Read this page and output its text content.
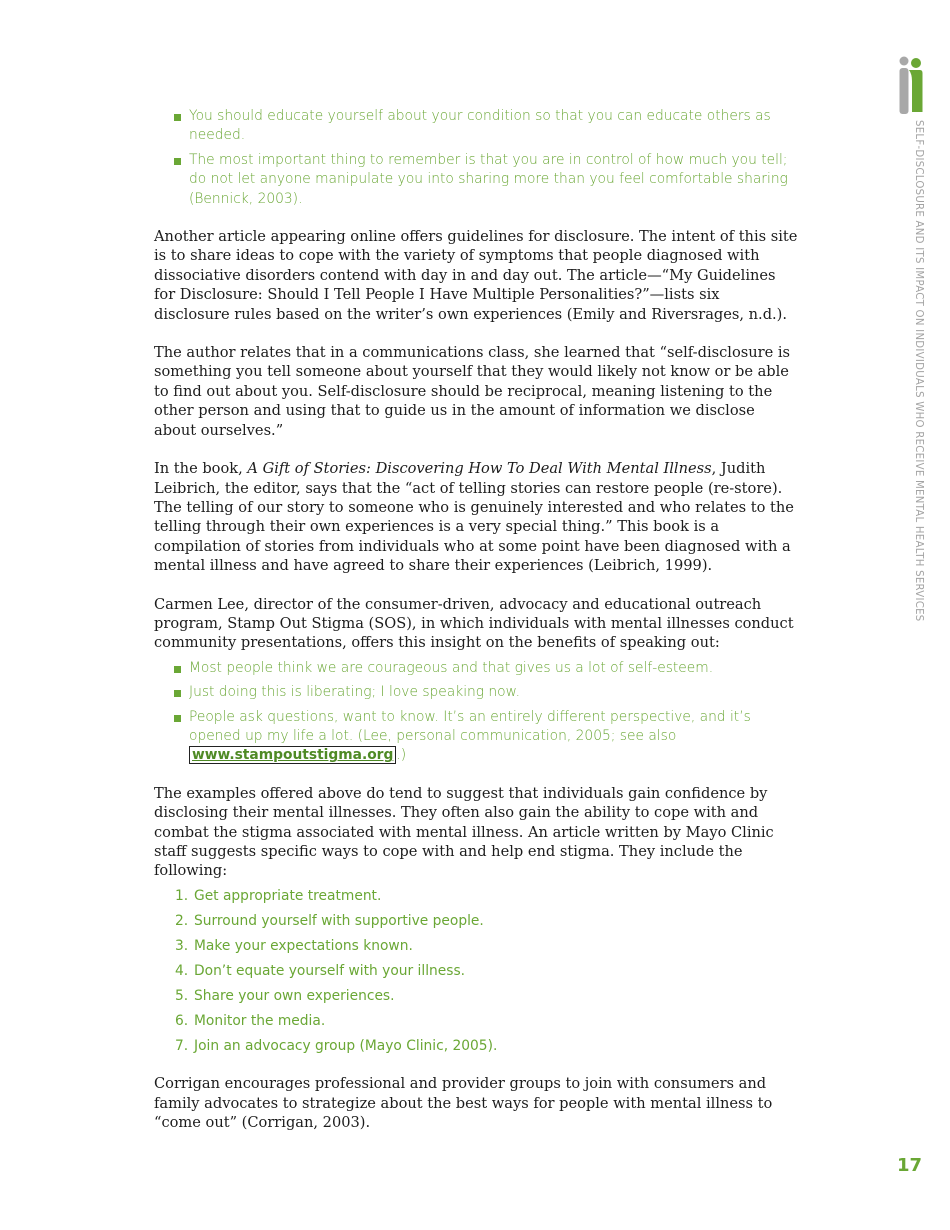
SELF-DISCLOSURE AND ITS IMPACT ON INDIVIDUALS WHO RECEIVE MENTAL HEALTH SERVICES
You should educate yourself about your condition so that you can educate others as needed.
The most important thing to remember is that you are in control of how much you tell; do not let anyone manipulate you into sharing more than you feel comfortable sharing (Bennick, 2003).

Another article appearing online offers guidelines for disclosure. The intent of this site is to share ideas to cope with the variety of symptoms that people diagnosed with dissociative disorders contend with day in and day out. The article—“My Guidelines for Disclosure: Should I Tell People I Have Multiple Personalities?”—lists six disclosure rules based on the writer’s own experiences (Emily and Riversrages, n.d.).

The author relates that in a communications class, she learned that “self-disclosure is something you tell someone about yourself that they would likely not know or be able to find out about you. Self-disclosure should be reciprocal, meaning listening to the other person and using that to guide us in the amount of information we disclose about ourselves.”

In the book, A Gift of Stories: Discovering How To Deal With Mental Illness, Judith Leibrich, the editor, says that the “act of telling stories can restore people (re-store). The telling of our story to someone who is genuinely interested and who relates to the telling through their own experiences is a very special thing.” This book is a compilation of stories from individuals who at some point have been diagnosed with a mental illness and have agreed to share their experiences (Leibrich, 1999).

Carmen Lee, director of the consumer-driven, advocacy and educational outreach program, Stamp Out Stigma (SOS), in which individuals with mental illnesses conduct community presentations, offers this insight on the benefits of speaking out:

Most people think we are courageous and that gives us a lot of self-esteem.
Just doing this is liberating; I love speaking now.
People ask questions, want to know. It’s an entirely different perspective, and it’s opened up my life a lot. (Lee, personal communication, 2005; see also www.stampoutstigma.org .)

The examples offered above do tend to suggest that individuals gain confidence by disclosing their mental illnesses. They often also gain the ability to cope with and combat the stigma associated with mental illness. An article written by Mayo Clinic staff suggests specific ways to cope with and help end stigma. They include the following:

1. Get appropriate treatment.
2. Surround yourself with supportive people.
3. Make your expectations known.
4. Don’t equate yourself with your illness.
5. Share your own experiences.
6. Monitor the media.
7. Join an advocacy group (Mayo Clinic, 2005).

Corrigan encourages professional and provider groups to join with consumers and family advocates to strategize about the best ways for people with mental illness to “come out” (Corrigan, 2003).

17
